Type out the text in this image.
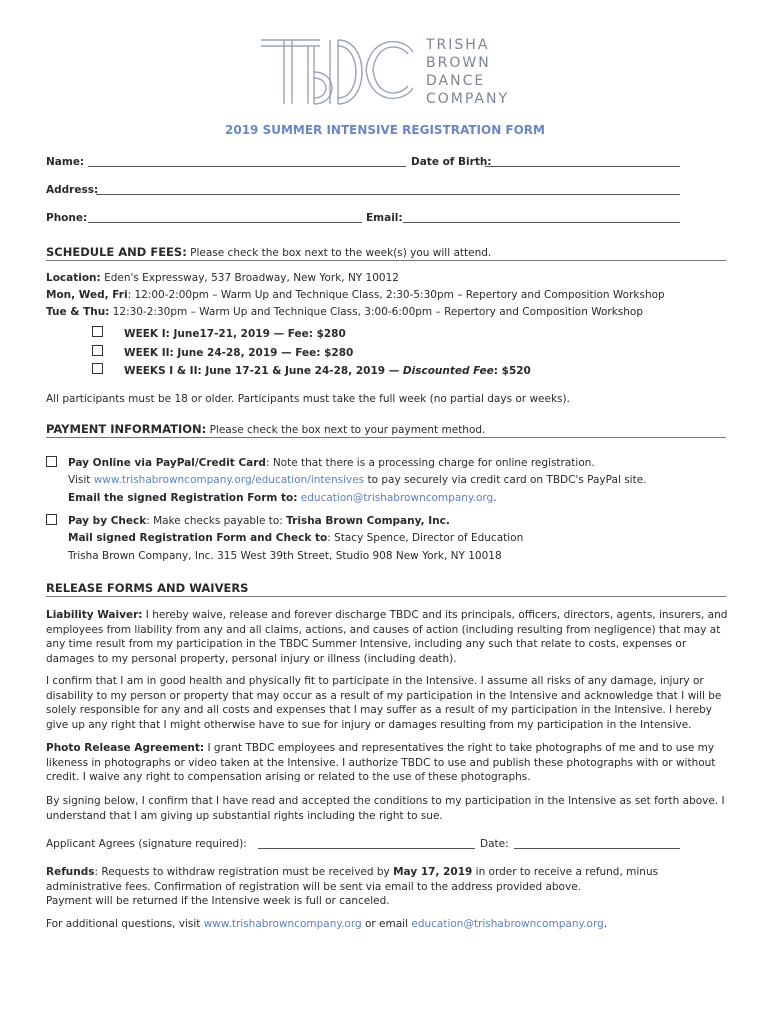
TRISHA
BROWN
DANCE
COMPANY
2019 SUMMER INTENSIVE REGISTRATION FORM
Name:	Date of Birth:
Address:
Phone:	Email:
SCHEDULE AND FEES: Please check the box next to the week(s) you will attend.
Location: Eden's Expressway, 537 Broadway, New York, NY 10012
Mon, Wed, Fri: 12:00-2:00pm – Warm Up and Technique Class, 2:30-5:30pm – Repertory and Composition Workshop
Tue & Thu: 12:30-2:30pm – Warm Up and Technique Class, 3:00-6:00pm – Repertory and Composition Workshop
WEEK I: June17-21, 2019 — Fee: $280
WEEK II: June 24-28, 2019 — Fee: $280
WEEKS I & II: June 17-21 & June 24-28, 2019 — Discounted Fee: $520
All participants must be 18 or older. Participants must take the full week (no partial days or weeks).
PAYMENT INFORMATION: Please check the box next to your payment method.
Pay Online via PayPal/Credit Card: Note that there is a processing charge for online registration.
Visit www.trishabrowncompany.org/education/intensives to pay securely via credit card on TBDC's PayPal site.
Email the signed Registration Form to: education@trishabrowncompany.org.
Pay by Check: Make checks payable to: Trisha Brown Company, Inc.
Mail signed Registration Form and Check to: Stacy Spence, Director of Education
Trisha Brown Company, Inc. 315 West 39th Street, Studio 908 New York, NY 10018
RELEASE FORMS AND WAIVERS
Liability Waiver: I hereby waive, release and forever discharge TBDC and its principals, officers, directors, agents, insurers, and employees from liability from any and all claims, actions, and causes of action (including resulting from negligence) that may at any time result from my participation in the TBDC Summer Intensive, including any such that relate to costs, expenses or damages to my personal property, personal injury or illness (including death).
I confirm that I am in good health and physically fit to participate in the Intensive. I assume all risks of any damage, injury or disability to my person or property that may occur as a result of my participation in the Intensive and acknowledge that I will be solely responsible for any and all costs and expenses that I may suffer as a result of my participation in the Intensive. I hereby give up any right that I might otherwise have to sue for injury or damages resulting from my participation in the Intensive.
Photo Release Agreement: I grant TBDC employees and representatives the right to take photographs of me and to use my likeness in photographs or video taken at the Intensive. I authorize TBDC to use and publish these photographs with or without credit. I waive any right to compensation arising or related to the use of these photographs.
By signing below, I confirm that I have read and accepted the conditions to my participation in the Intensive as set forth above. I understand that I am giving up substantial rights including the right to sue.
Applicant Agrees (signature required):	Date:
Refunds: Requests to withdraw registration must be received by May 17, 2019 in order to receive a refund, minus administrative fees. Confirmation of registration will be sent via email to the address provided above.
Payment will be returned if the Intensive week is full or canceled.
For additional questions, visit www.trishabrowncompany.org or email education@trishabrowncompany.org.
